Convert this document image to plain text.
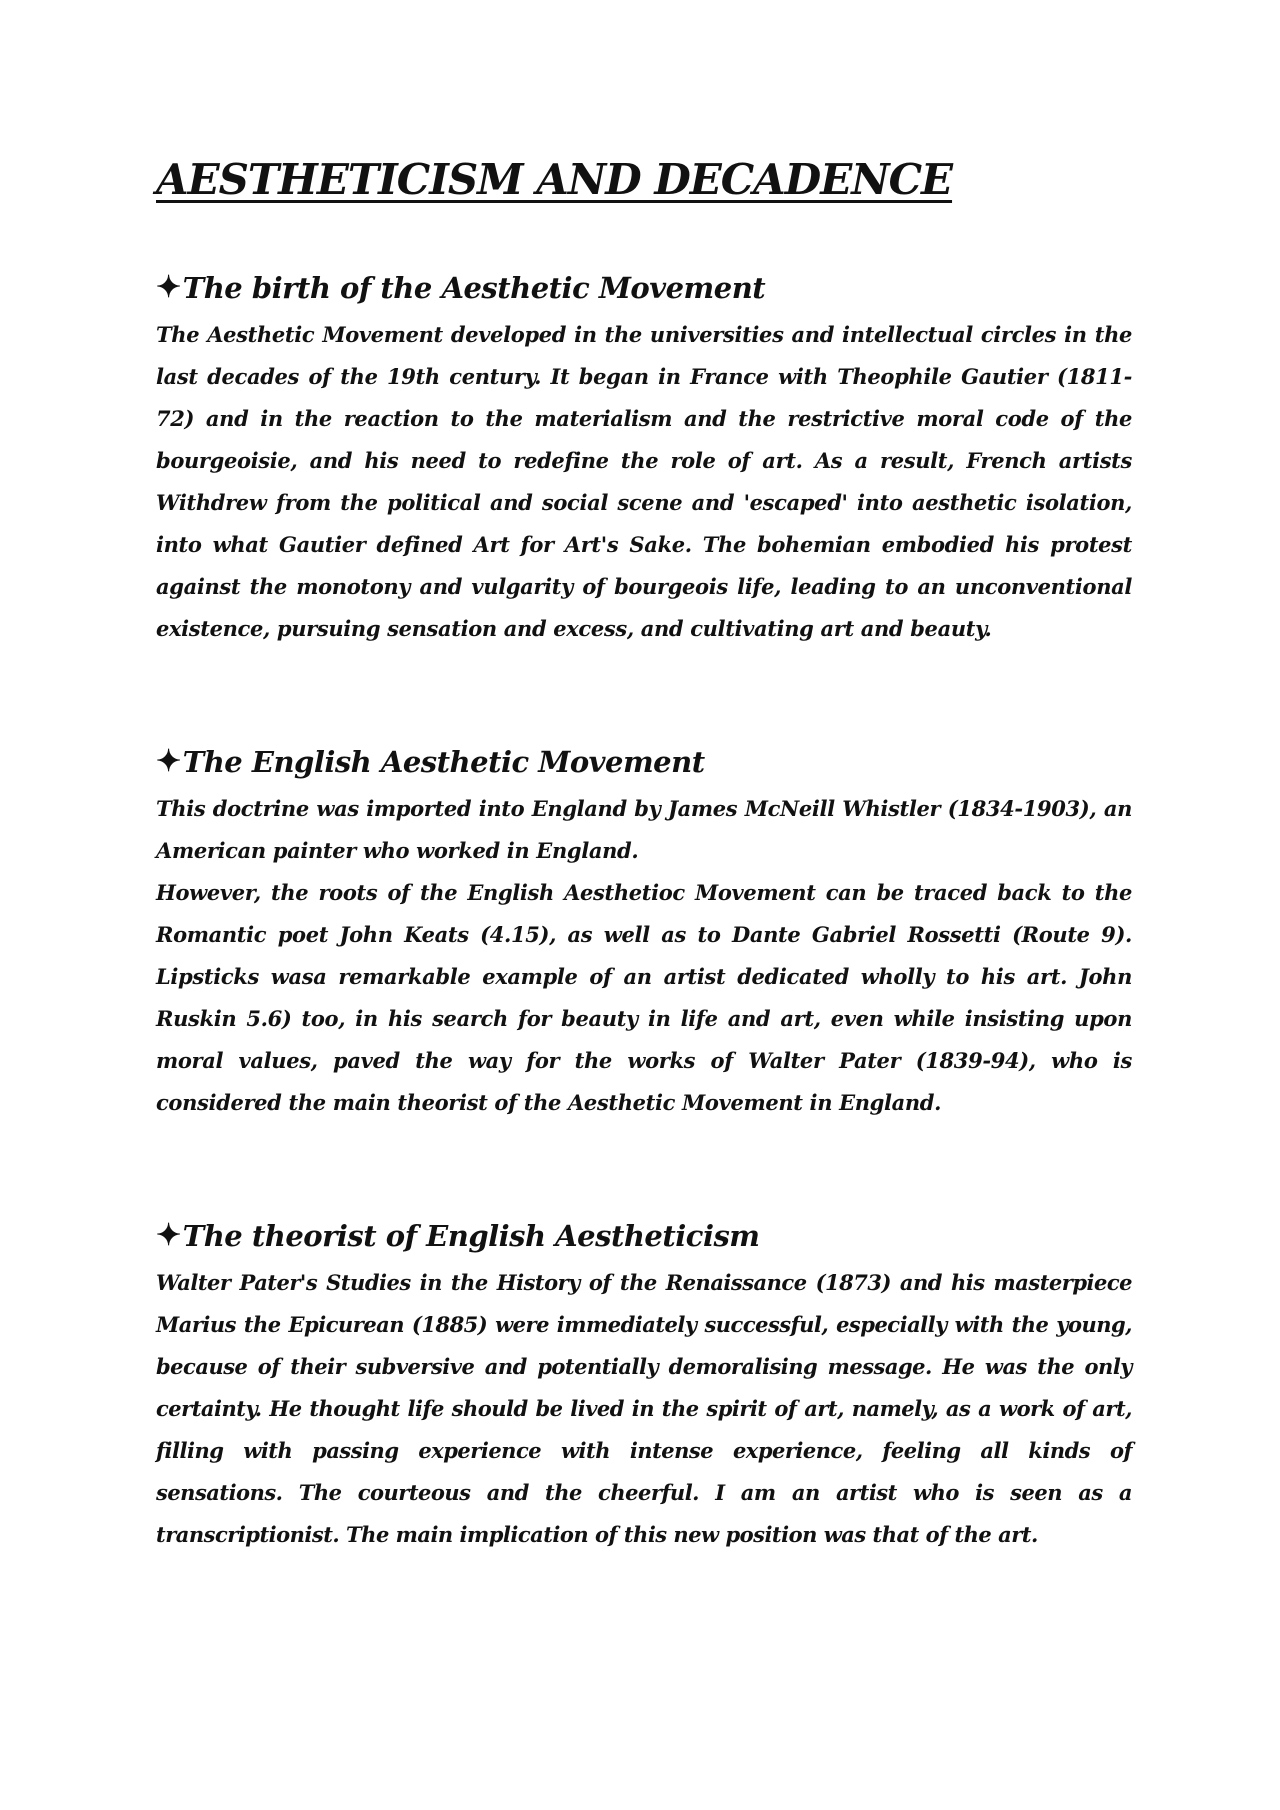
AESTHETICISM AND DECADENCE
✦ The birth of the Aesthetic Movement

The Aesthetic Movement developed in the universities and intellectual circles in the last decades of the 19th century. It began in France with Theophile Gautier (1811-72) and in the reaction to the materialism and the restrictive moral code of the bourgeoisie, and his need to redefine the role of art. As a result, French artists Withdrew from the political and social scene and 'escaped' into aesthetic isolation, into what Gautier defined Art for Art's Sake. The bohemian embodied his protest against the monotony and vulgarity of bourgeois life, leading to an unconventional existence, pursuing sensation and excess, and cultivating art and beauty.

✦ The English Aesthetic Movement

This doctrine was imported into England by James McNeill Whistler (1834-1903), an American painter who worked in England.

However, the roots of the English Aesthetioc Movement can be traced back to the Romantic poet John Keats (4.15), as well as to Dante Gabriel Rossetti (Route 9). Lipsticks wasa remarkable example of an artist dedicated wholly to his art. John Ruskin 5.6) too, in his search for beauty in life and art, even while insisting upon moral values, paved the way for the works of Walter Pater (1839-94), who is considered the main theorist of the Aesthetic Movement in England.

✦ The theorist of English Aestheticism

Walter Pater's Studies in the History of the Renaissance (1873) and his masterpiece Marius the Epicurean (1885) were immediately successful, especially with the young, because of their subversive and potentially demoralising message. He was the only certainty. He thought life should be lived in the spirit of art, namely, as a work of art, filling with passing experience with intense experience, feeling all kinds of sensations. The courteous and the cheerful. I am an artist who is seen as a transcriptionist. The main implication of this new position was that of the art.
